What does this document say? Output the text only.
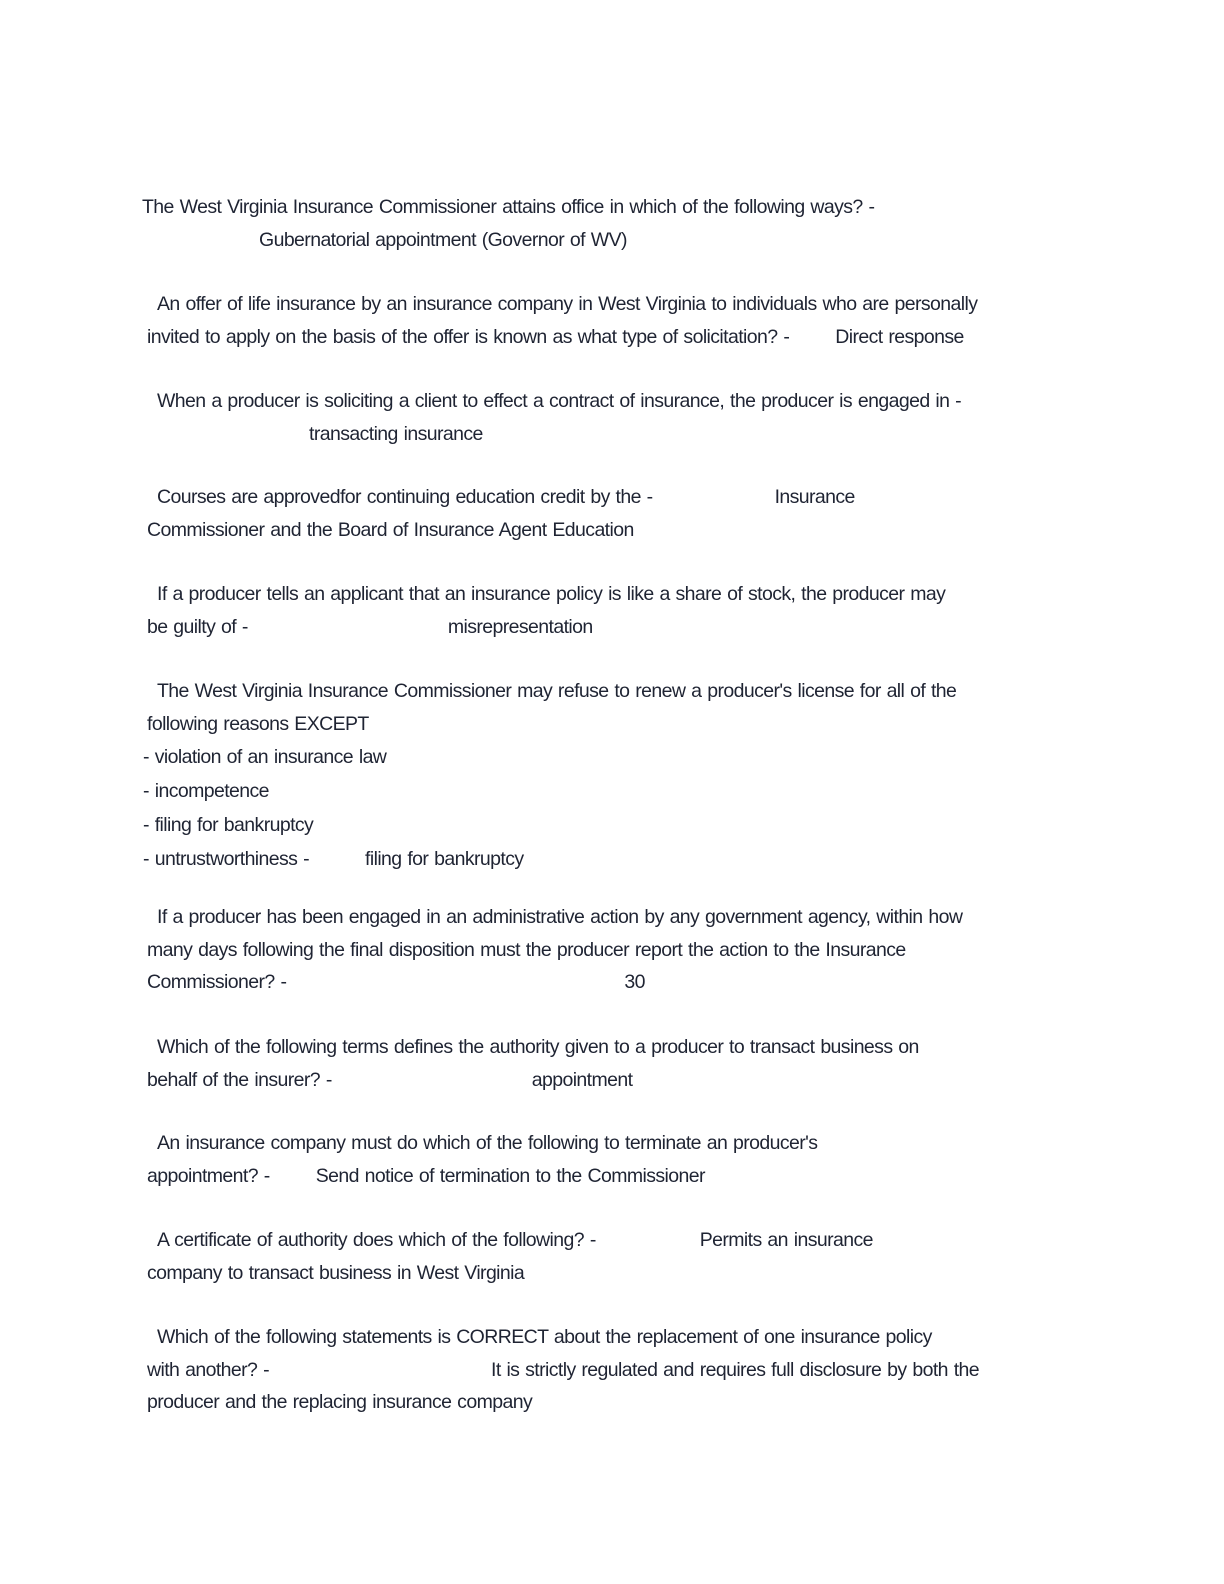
The West Virginia Insurance Commissioner attains office in which of the following ways? -
Gubernatorial appointment (Governor of WV)
An offer of life insurance by an insurance company in West Virginia to individuals who are personally
invited to apply on the basis of the offer is known as what type of solicitation? - Direct response
When a producer is soliciting a client to effect a contract of insurance, the producer is engaged in -
transacting insurance
Courses are approvedfor continuing education credit by the -	Insurance
Commissioner and the Board of Insurance Agent Education
If a producer tells an applicant that an insurance policy is like a share of stock, the producer may
be guilty of -	misrepresentation
The West Virginia Insurance Commissioner may refuse to renew a producer's license for all of the
following reasons EXCEPT
- violation of an insurance law
- incompetence
- filing for bankruptcy
- untrustworthiness -	filing for bankruptcy
If a producer has been engaged in an administrative action by any government agency, within how
many days following the final disposition must the producer report the action to the Insurance
Commissioner? -	30
Which of the following terms defines the authority given to a producer to transact business on
behalf of the insurer? -	appointment
An insurance company must do which of the following to terminate an producer's
appointment? - Send notice of termination to the Commissioner
A certificate of authority does which of the following? -	Permits an insurance
company to transact business in West Virginia
Which of the following statements is CORRECT about the replacement of one insurance policy
with another? -	It is strictly regulated and requires full disclosure by both the
producer and the replacing insurance company
